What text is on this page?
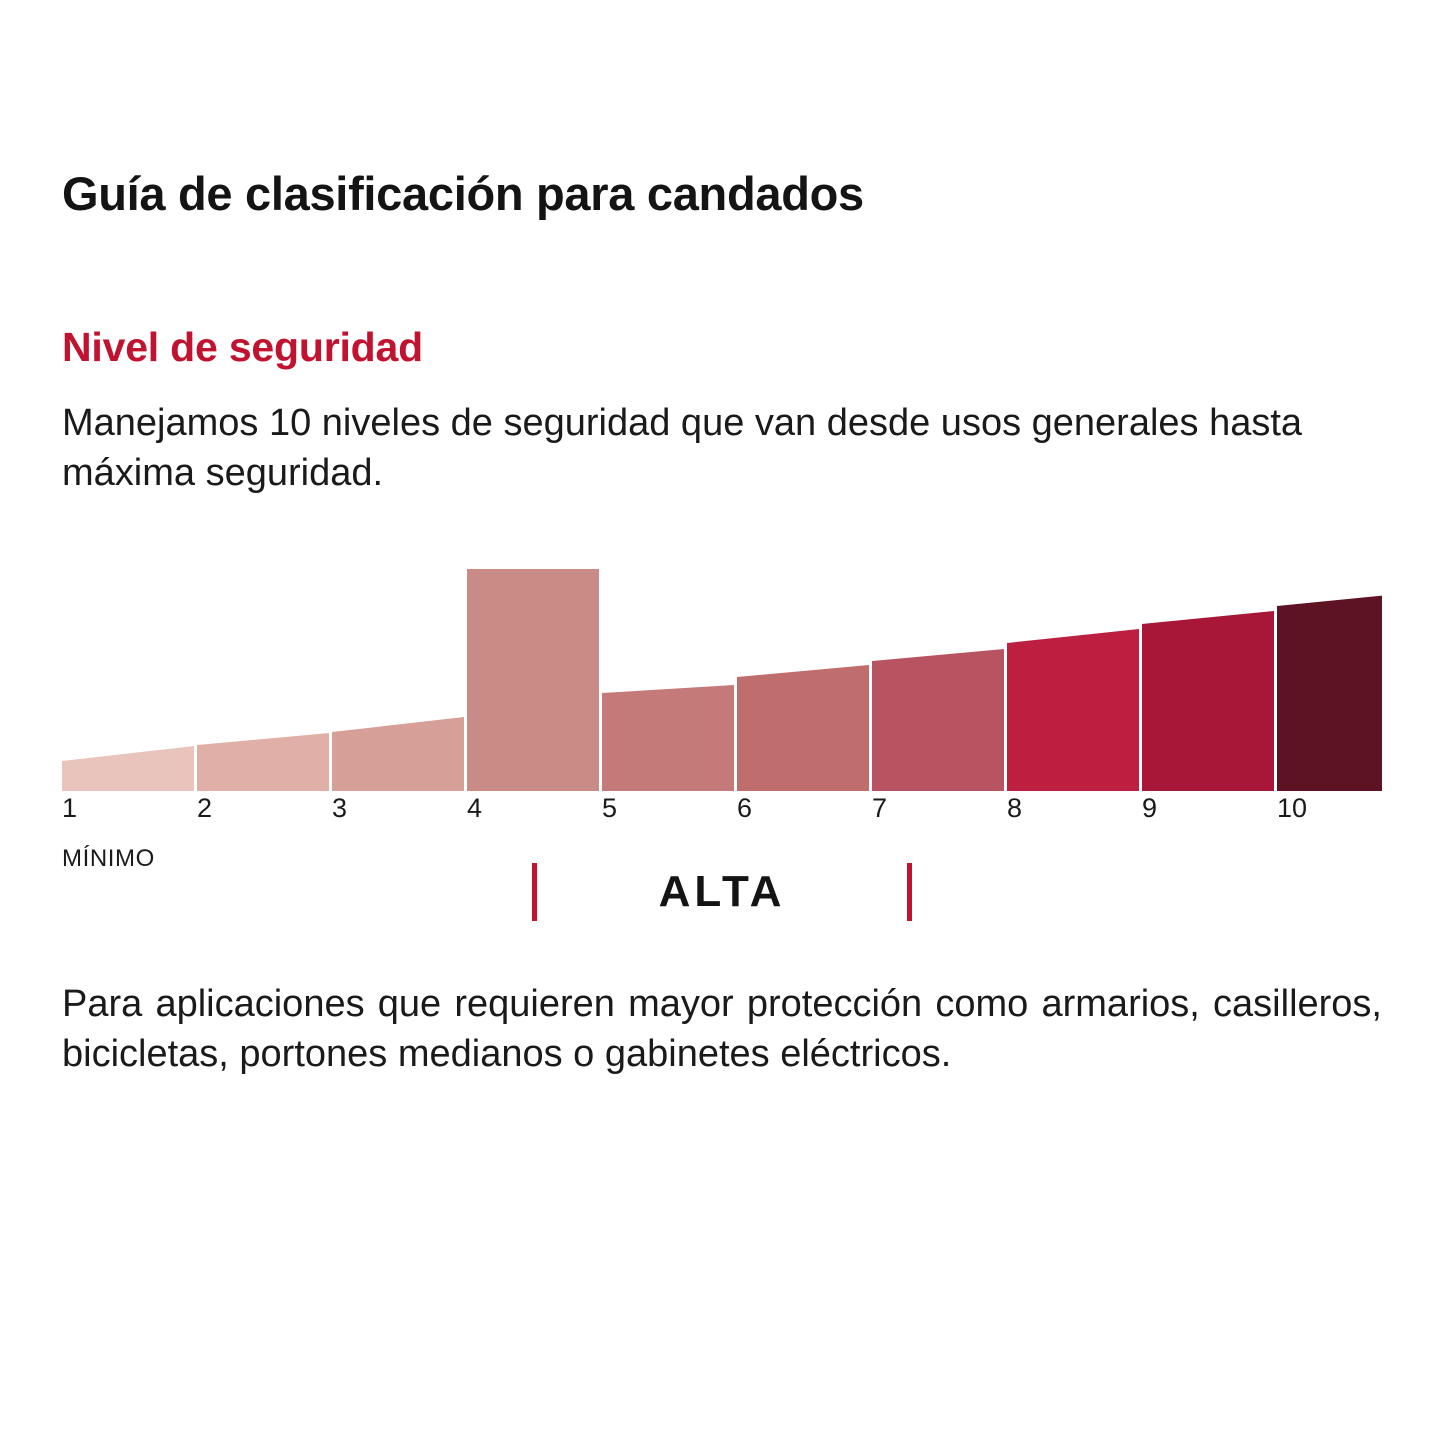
Guía de clasificación para candados
Nivel de seguridad

Manejamos 10 niveles de seguridad que van desde usos generales hasta máxima seguridad.

1	2	3	4	5	6	7	8	9	10
MÍNIMO
ALTA

Para aplicaciones que requieren mayor protección como armarios, casilleros, bicicletas, portones medianos o gabinetes eléctricos.
